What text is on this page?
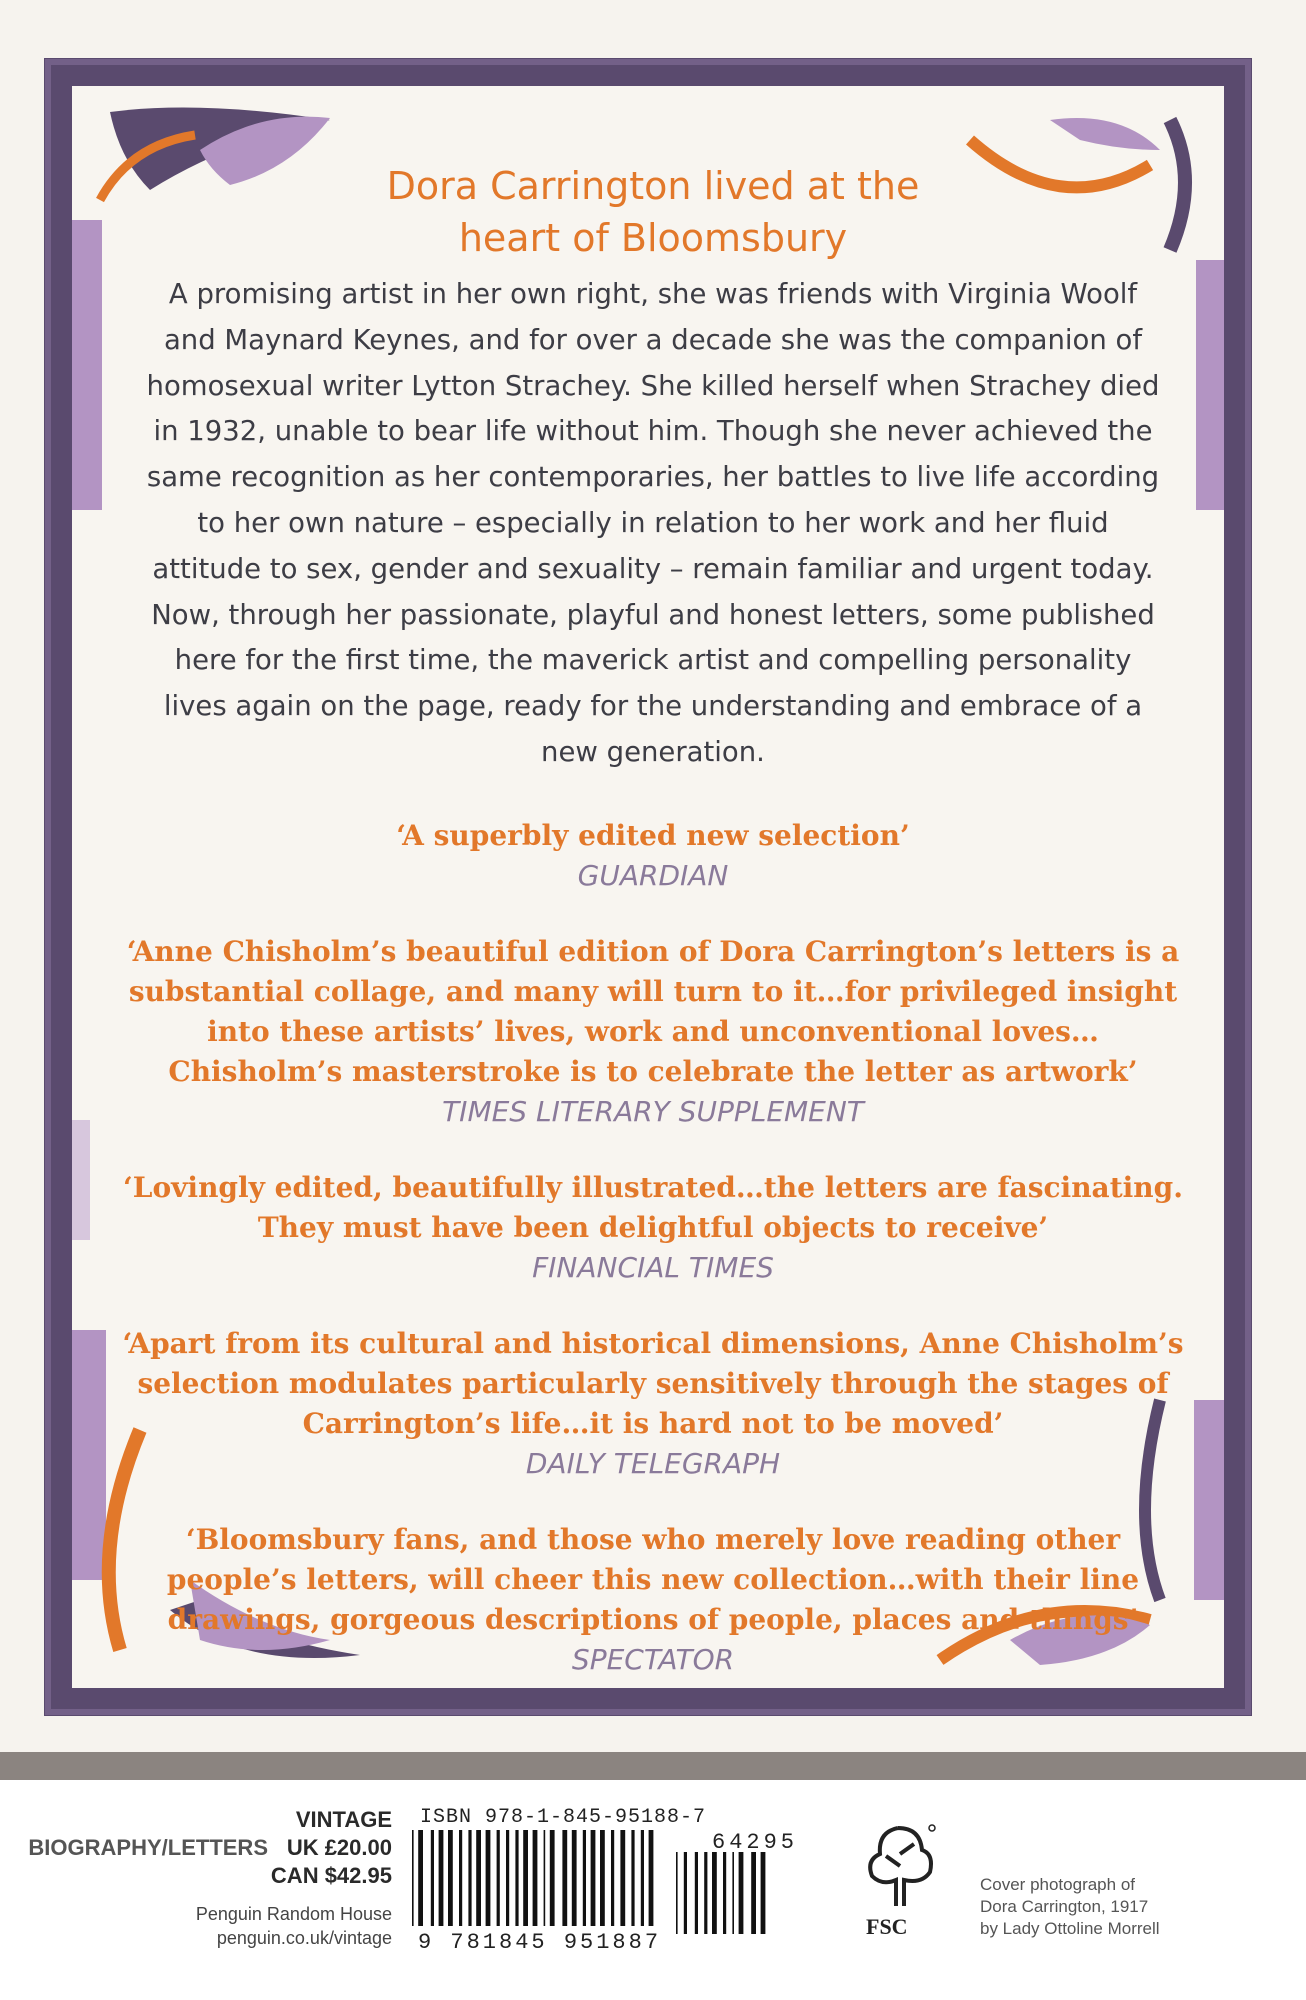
Dora Carrington lived at the
heart of Bloomsbury

A promising artist in her own right, she was friends with Virginia Woolf and Maynard Keynes, and for over a decade she was the companion of homosexual writer Lytton Strachey. She killed herself when Strachey died in 1932, unable to bear life without him. Though she never achieved the same recognition as her contemporaries, her battles to live life according to her own nature – especially in relation to her work and her fluid attitude to sex, gender and sexuality – remain familiar and urgent today. Now, through her passionate, playful and honest letters, some published here for the first time, the maverick artist and compelling personality lives again on the page, ready for the understanding and embrace of a new generation.

‘A superbly edited new selection’
GUARDIAN
‘Anne Chisholm’s beautiful edition of Dora Carrington’s letters is a substantial collage, and many will turn to it…for privileged insight into these artists’ lives, work and unconventional loves… Chisholm’s masterstroke is to celebrate the letter as artwork’
TIMES LITERARY SUPPLEMENT
‘Lovingly edited, beautifully illustrated…the letters are fascinating. They must have been delightful objects to receive’
FINANCIAL TIMES
‘Apart from its cultural and historical dimensions, Anne Chisholm’s selection modulates particularly sensitively through the stages of Carrington’s life…it is hard not to be moved’
DAILY TELEGRAPH
‘Bloomsbury fans, and those who merely love reading other people’s letters, will cheer this new collection…with their line drawings, gorgeous descriptions of people, places and things’
SPECTATOR
VINTAGE
BIOGRAPHY/LETTERS UK £20.00
CAN $42.95
Penguin Random House
penguin.co.uk/vintage
ISBN 978-1-845-95188-7
9 781845 951887
64295
FSC
Cover photograph of
Dora Carrington, 1917
by Lady Ottoline Morrell
